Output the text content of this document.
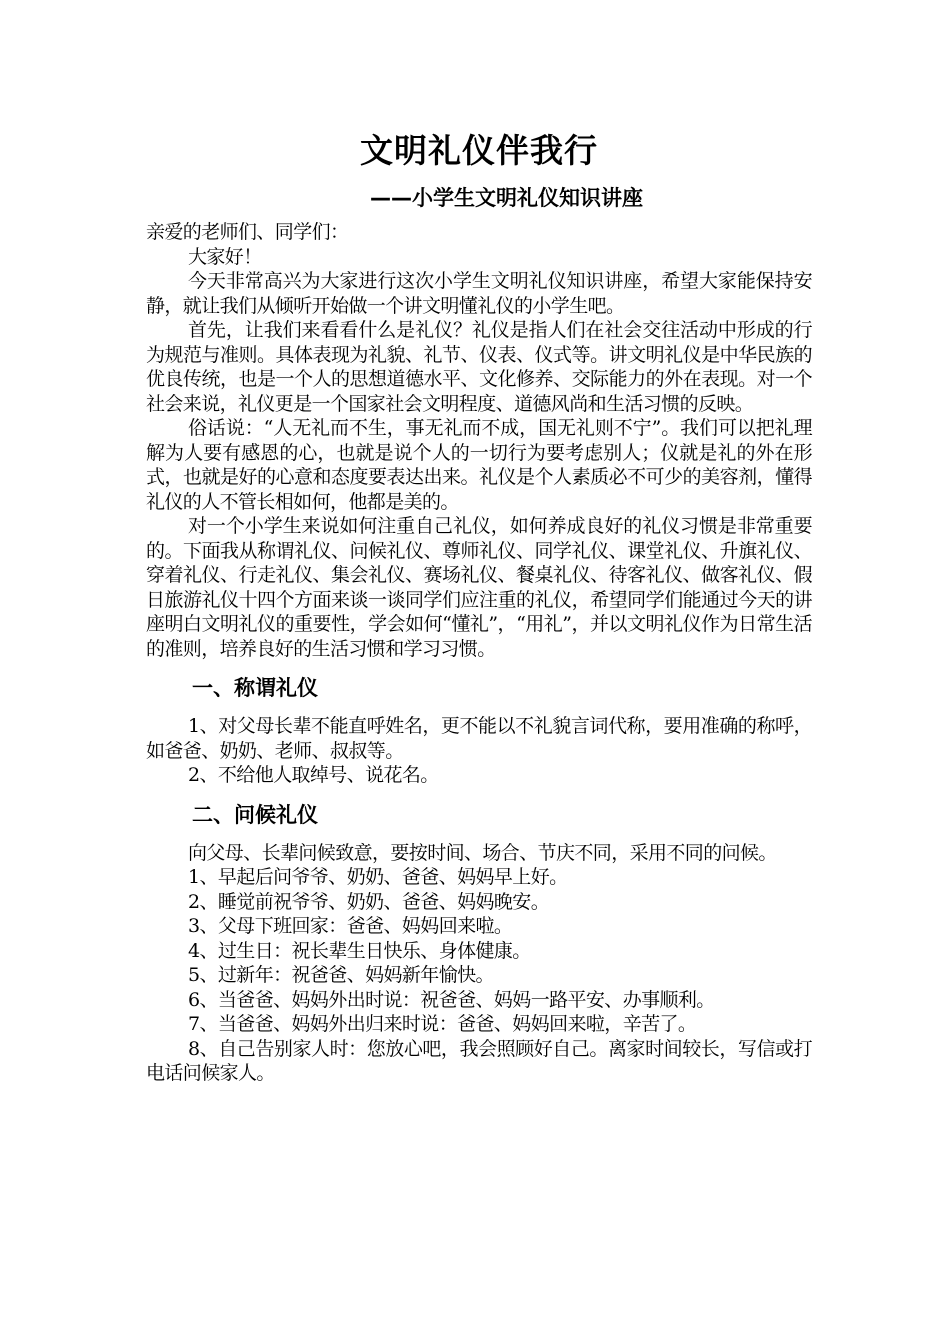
文明礼仪伴我行
——小学生文明礼仪知识讲座

亲爱的老师们、同学们：

大家好！

今天非常高兴为大家进行这次小学生文明礼仪知识讲座，希望大家能保持安静，就让我们从倾听开始做一个讲文明懂礼仪的小学生吧。

首先，让我们来看看什么是礼仪？礼仪是指人们在社会交往活动中形成的行为规范与准则。具体表现为礼貌、礼节、仪表、仪式等。讲文明礼仪是中华民族的优良传统，也是一个人的思想道德水平、文化修养、交际能力的外在表现。对一个社会来说，礼仪更是一个国家社会文明程度、道德风尚和生活习惯的反映。

俗话说：“人无礼而不生，事无礼而不成，国无礼则不宁”。我们可以把礼理解为人要有感恩的心，也就是说个人的一切行为要考虑别人；仪就是礼的外在形式，也就是好的心意和态度要表达出来。礼仪是个人素质必不可少的美容剂，懂得礼仪的人不管长相如何，他都是美的。

对一个小学生来说如何注重自己礼仪，如何养成良好的礼仪习惯是非常重要的。下面我从称谓礼仪、问候礼仪、尊师礼仪、同学礼仪、课堂礼仪、升旗礼仪、穿着礼仪、行走礼仪、集会礼仪、赛场礼仪、餐桌礼仪、待客礼仪、做客礼仪、假日旅游礼仪十四个方面来谈一谈同学们应注重的礼仪，希望同学们能通过今天的讲座明白文明礼仪的重要性，学会如何“懂礼”，“用礼”，并以文明礼仪作为日常生活的准则，培养良好的生活习惯和学习习惯。

一、称谓礼仪

1、对父母长辈不能直呼姓名，更不能以不礼貌言词代称，要用准确的称呼，如爸爸、奶奶、老师、叔叔等。

2、不给他人取绰号、说花名。

二、问候礼仪

向父母、长辈问候致意，要按时间、场合、节庆不同，采用不同的问候。

1、早起后问爷爷、奶奶、爸爸、妈妈早上好。

2、睡觉前祝爷爷、奶奶、爸爸、妈妈晚安。

3、父母下班回家：爸爸、妈妈回来啦。

4、过生日：祝长辈生日快乐、身体健康。

5、过新年：祝爸爸、妈妈新年愉快。

6、当爸爸、妈妈外出时说：祝爸爸、妈妈一路平安、办事顺利。

7、当爸爸、妈妈外出归来时说：爸爸、妈妈回来啦，辛苦了。

8、自己告别家人时：您放心吧，我会照顾好自己。离家时间较长，写信或打电话问候家人。
